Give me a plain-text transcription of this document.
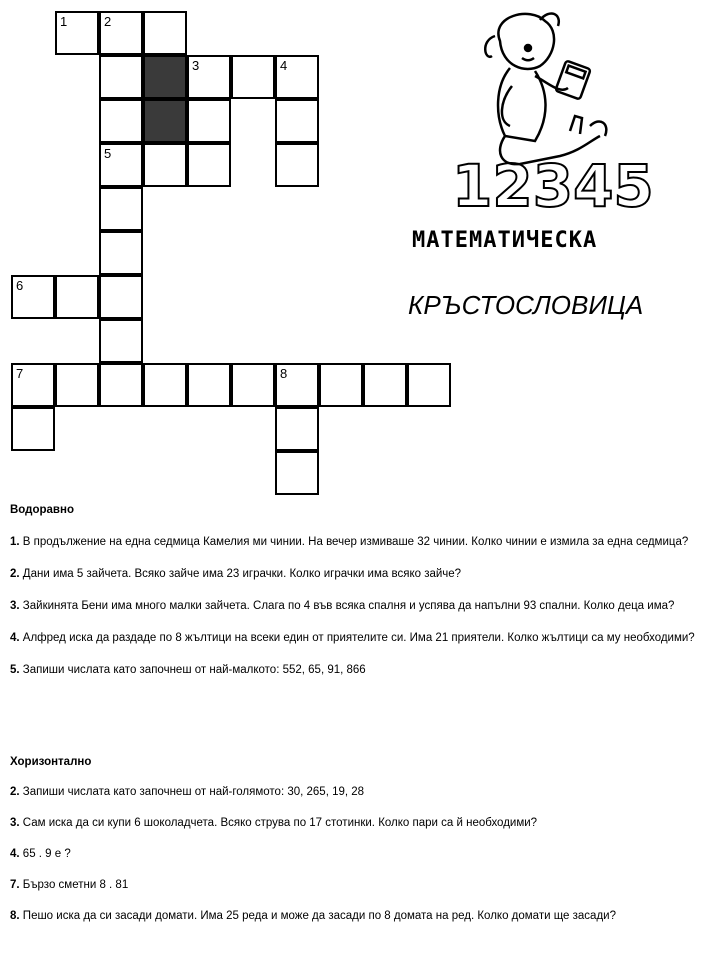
1	2
3	4
5
6
7	8
12345
МАТЕМАТИЧЕСКА
КРЪСТОСЛОВИЦА
Водоравно

1. В продължение на една седмица Камелия ми чинии. На вечер измиваше 32 чинии. Колко чинии е измила за една седмица?

2. Дани има 5 зайчета. Всяко зайче има 23 играчки. Колко играчки има всяко зайче?

3. Зайкинята Бени има много малки зайчета. Слага по 4 във всяка спалня и успява да напълни 93 спални. Колко деца има?

4. Алфред иска да раздаде по 8 жълтици на всеки един от приятелите си. Има 21 приятели. Колко жълтици са му необходими?

5. Запиши числата като започнеш от най-малкото: 552, 65, 91, 866

Хоризонтално

2. Запиши числата като започнеш от най-голямото: 30, 265, 19, 28

3. Сам иска да си купи 6 шоколадчета. Всяко струва по 17 стотинки. Колко пари са й необходими?

4. 65 . 9 е ?

7. Бързо сметни 8 . 81

8. Пешо иска да си засади домати. Има 25 реда и може да засади по 8 домата на ред. Колко домати ще засади?
